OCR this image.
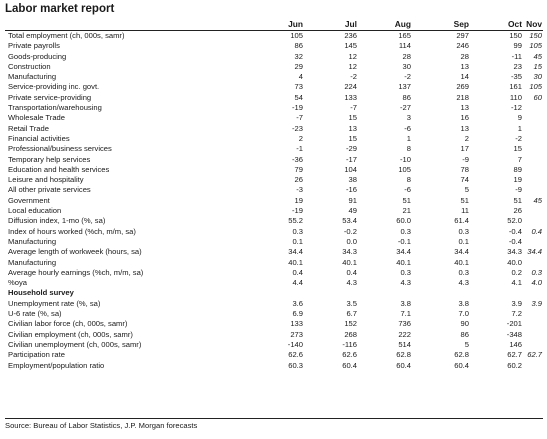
Labor market report
Jun	Jul	Aug	Sep	Oct Nov
Total employment (ch, 000s, samr)	105	236	165	297	150 150
Private payrolls	86	145	114	246	99 105
Goods-producing	32	12	28	28	-11	45
Construction	29	12	30	13	23	15
Manufacturing	4	-2	-2	14	-35	30
Service-providing inc. govt.	73	224	137	269	161 105
Private service-providing	54	133	86	218	110	60
Transportation/warehousing	-19	-7	-27	13	-12
Wholesale Trade	-7	15	3	16	9
Retail Trade	-23	13	-6	13	1
Financial activities	2	15	1	2	-2
Professional/business services	-1	-29	8	17	15
Temporary help services	-36	-17	-10	-9	7
Education and health services	79	104	105	78	89
Leisure and hospitality	26	38	8	74	19
All other private services	-3	-16	-6	5	-9
Government	19	91	51	51	51	45
Local education	-19	49	21	11	26
Diffusion index, 1-mo (%, sa)	55.2	53.4	60.0	61.4	52.0
Index of hours worked (%ch, m/m, sa)	0.3	-0.2	0.3	0.3	-0.4	0.4
Manufacturing	0.1	0.0	-0.1	0.1	-0.4
Average length of workweek (hours, sa)	34.4	34.3	34.4	34.4	34.3 34.4
Manufacturing	40.1	40.1	40.1	40.1	40.0
Average hourly earnings (%ch, m/m, sa)	0.4	0.4	0.3	0.3	0.2	0.3
%oya	4.4	4.3	4.3	4.3	4.1	4.0
Household survey
Unemployment rate (%, sa)	3.6	3.5	3.8	3.8	3.9	3.9
U-6 rate (%, sa)	6.9	6.7	7.1	7.0	7.2
Civilian labor force (ch, 000s, samr)	133	152	736	90	-201
Civilian employment (ch, 000s, samr)	273	268	222	86	-348
Civilian unemployment (ch, 000s, samr)	-140	-116	514	5	146
Participation rate	62.6	62.6	62.8	62.8	62.7 62.7
Employment/population ratio	60.3	60.4	60.4	60.4	60.2
Source: Bureau of Labor Statistics, J.P. Morgan forecasts
